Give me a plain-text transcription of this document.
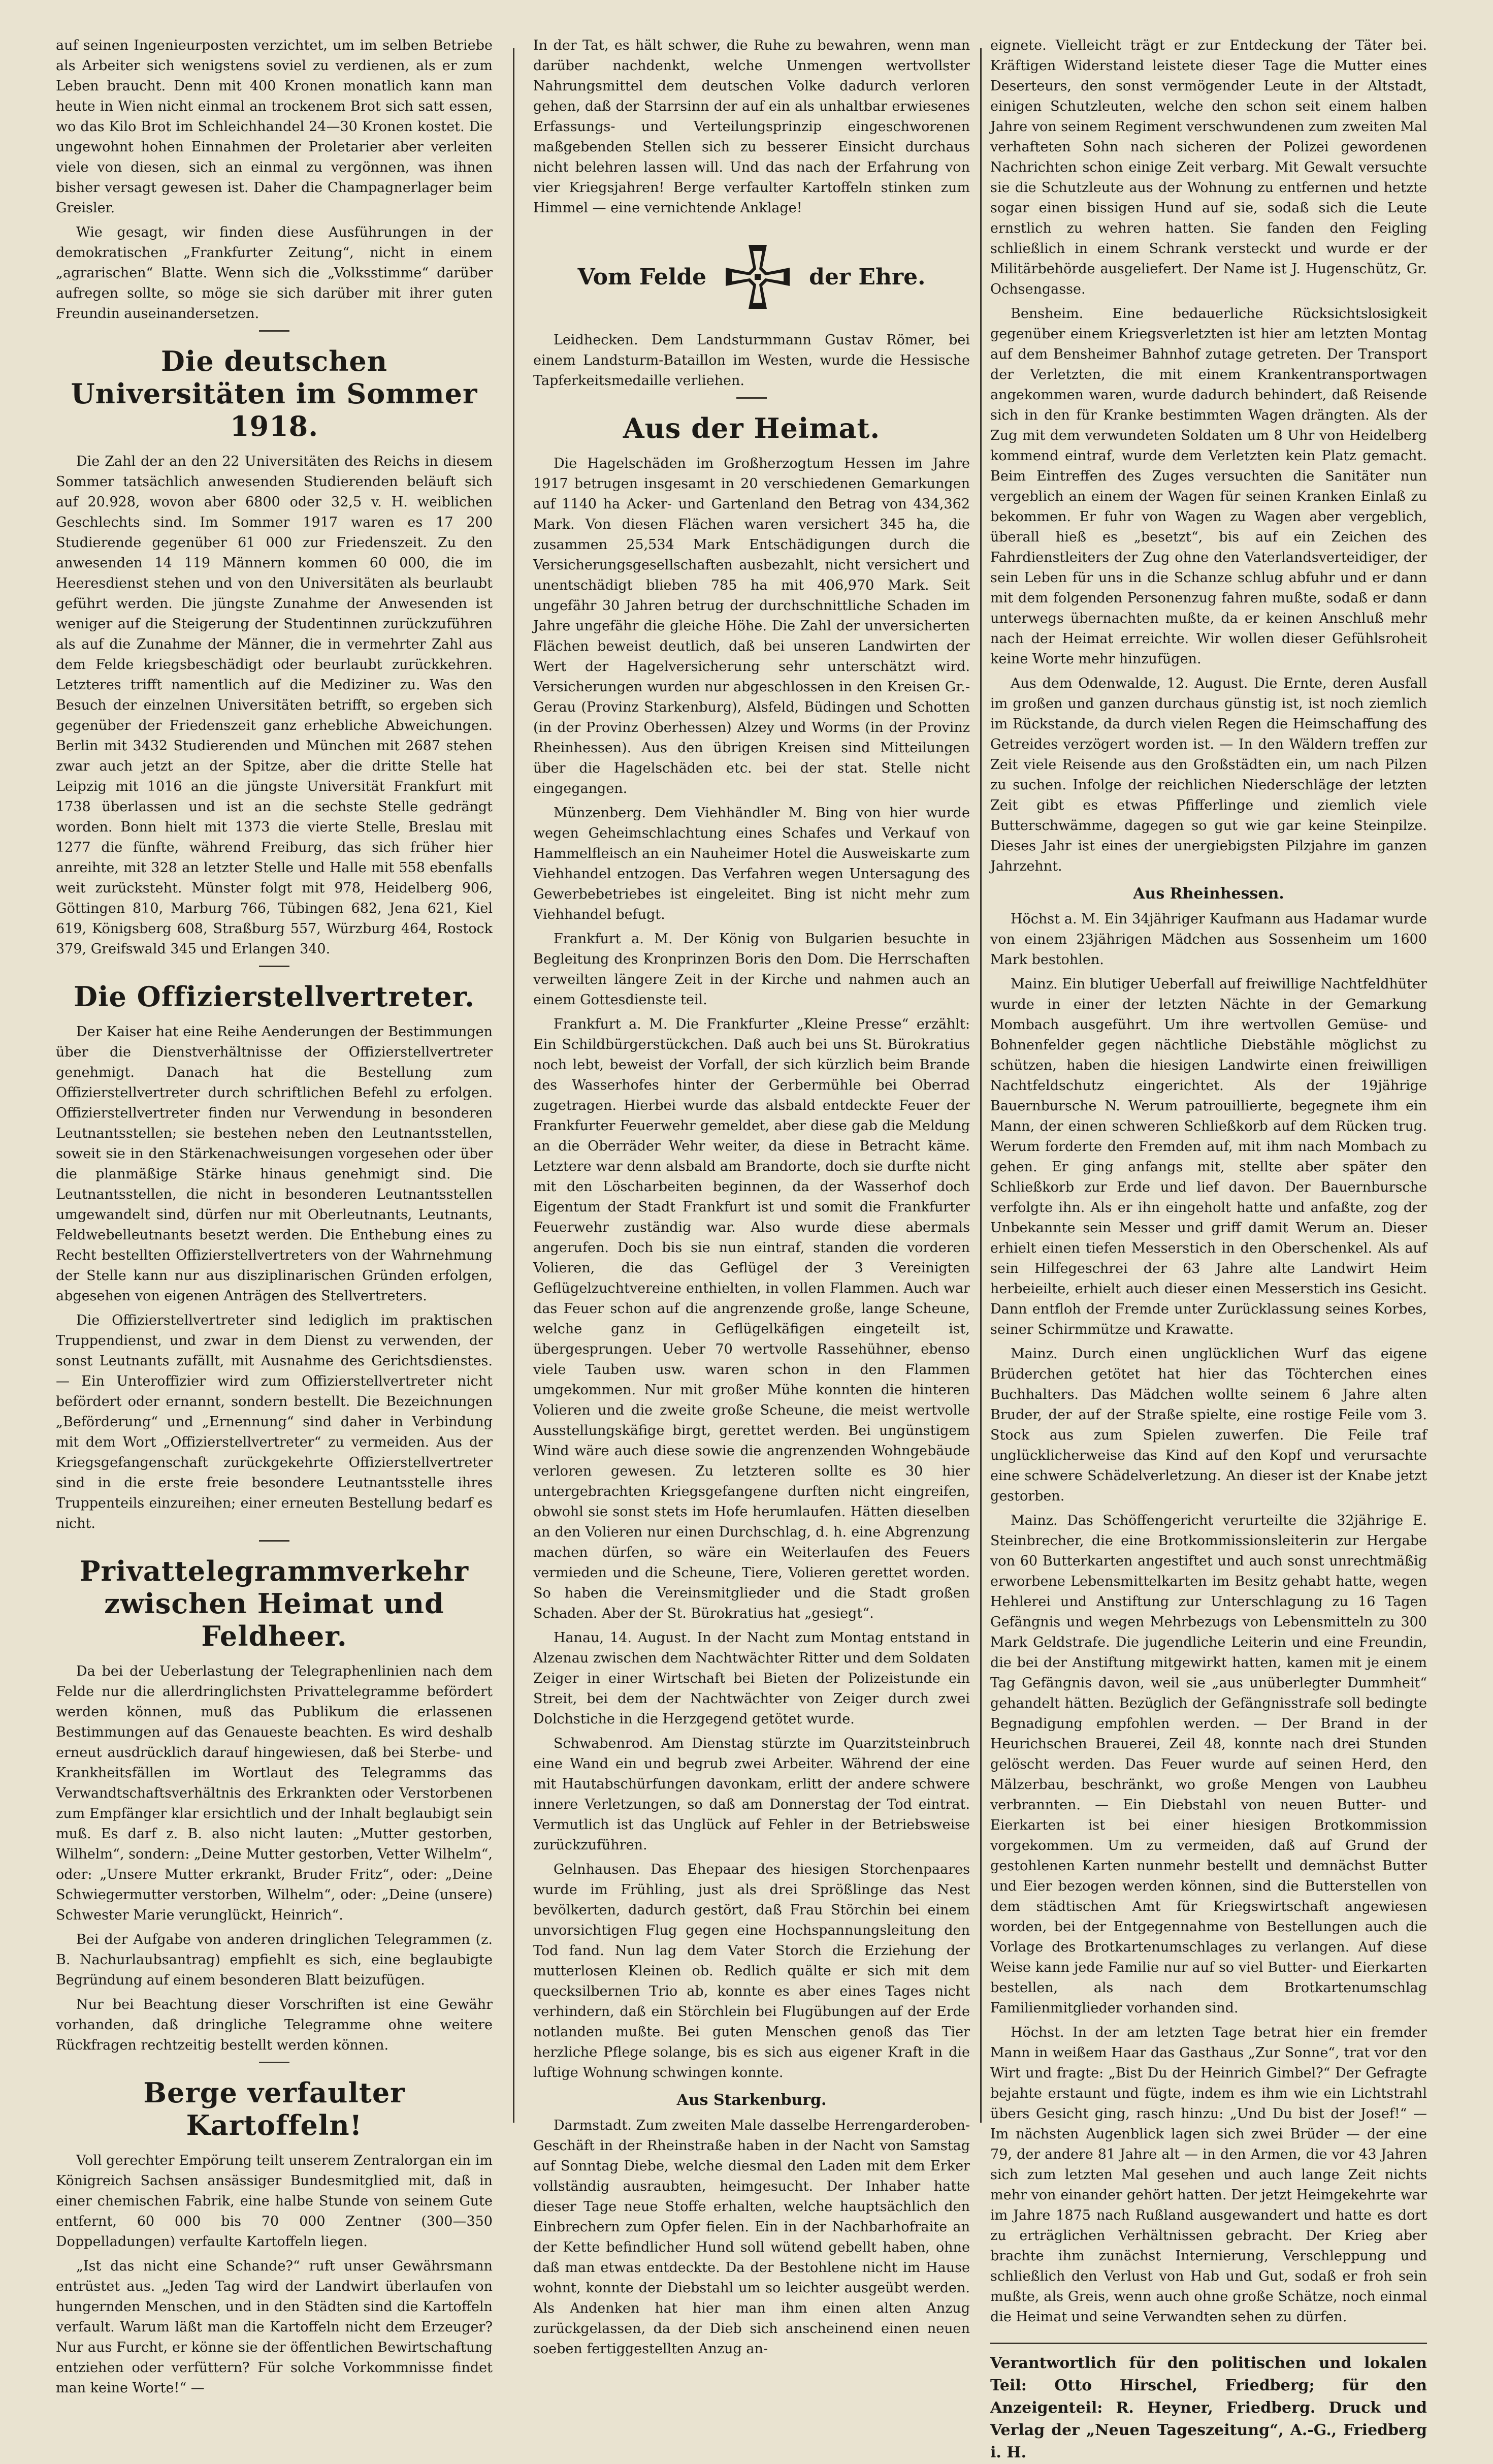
auf seinen Ingenieurposten verzichtet, um im selben Betriebe als Arbeiter sich wenigstens soviel zu verdienen, als er zum Leben braucht. Denn mit 400 Kronen monatlich kann man heute in Wien nicht einmal an trockenem Brot sich satt essen, wo das Kilo Brot im Schleichhandel 24—30 Kronen kostet. Die ungewohnt hohen Einnahmen der Proletarier aber verleiten viele von diesen, sich an einmal zu vergönnen, was ihnen bisher versagt gewesen ist. Daher die Champagnerlager beim Greisler.

Wie gesagt, wir finden diese Ausführungen in der demokratischen „Frankfurter Zeitung“, nicht in einem „agrarischen“ Blatte. Wenn sich die „Volksstimme“ darüber aufregen sollte, so möge sie sich darüber mit ihrer guten Freundin auseinandersetzen.

Die deutschen Universitäten im Sommer 1918.

Die Zahl der an den 22 Universitäten des Reichs in diesem Sommer tatsächlich anwesenden Studierenden beläuft sich auf 20.928, wovon aber 6800 oder 32,5 v. H. weiblichen Geschlechts sind. Im Sommer 1917 waren es 17 200 Studierende gegenüber 61 000 zur Friedenszeit. Zu den anwesenden 14 119 Männern kommen 60 000, die im Heeresdienst stehen und von den Universitäten als beurlaubt geführt werden. Die jüngste Zunahme der Anwesenden ist weniger auf die Steigerung der Studentinnen zurückzuführen als auf die Zunahme der Männer, die in vermehrter Zahl aus dem Felde kriegsbeschädigt oder beurlaubt zurückkehren. Letzteres trifft namentlich auf die Mediziner zu. Was den Besuch der einzelnen Universitäten betrifft, so ergeben sich gegenüber der Friedenszeit ganz erhebliche Abweichungen. Berlin mit 3432 Studierenden und München mit 2687 stehen zwar auch jetzt an der Spitze, aber die dritte Stelle hat Leipzig mit 1016 an die jüngste Universität Frankfurt mit 1738 überlassen und ist an die sechste Stelle gedrängt worden. Bonn hielt mit 1373 die vierte Stelle, Breslau mit 1277 die fünfte, während Freiburg, das sich früher hier anreihte, mit 328 an letzter Stelle und Halle mit 558 ebenfalls weit zurücksteht. Münster folgt mit 978, Heidelberg 906, Göttingen 810, Marburg 766, Tübingen 682, Jena 621, Kiel 619, Königsberg 608, Straßburg 557, Würzburg 464, Rostock 379, Greifswald 345 und Erlangen 340.

Die Offizierstellvertreter.

Der Kaiser hat eine Reihe Aenderungen der Bestimmungen über die Dienstverhältnisse der Offizierstellvertreter genehmigt. Danach hat die Bestellung zum Offizierstellvertreter durch schriftlichen Befehl zu erfolgen. Offizierstellvertreter finden nur Verwendung in besonderen Leutnantsstellen; sie bestehen neben den Leutnantsstellen, soweit sie in den Stärkenachweisungen vorgesehen oder über die planmäßige Stärke hinaus genehmigt sind. Die Leutnantsstellen, die nicht in besonderen Leutnantsstellen umgewandelt sind, dürfen nur mit Oberleutnants, Leutnants, Feldwebelleutnants besetzt werden. Die Enthebung eines zu Recht bestellten Offizierstellvertreters von der Wahrnehmung der Stelle kann nur aus disziplinarischen Gründen erfolgen, abgesehen von eigenen Anträgen des Stellvertreters.

Die Offizierstellvertreter sind lediglich im praktischen Truppendienst, und zwar in dem Dienst zu verwenden, der sonst Leutnants zufällt, mit Ausnahme des Gerichtsdienstes. — Ein Unteroffizier wird zum Offizierstellvertreter nicht befördert oder ernannt, sondern bestellt. Die Bezeichnungen „Beförderung“ und „Ernennung“ sind daher in Verbindung mit dem Wort „Offizierstellvertreter“ zu vermeiden. Aus der Kriegsgefangenschaft zurückgekehrte Offizierstellvertreter sind in die erste freie besondere Leutnantsstelle ihres Truppenteils einzureihen; einer erneuten Bestellung bedarf es nicht.

Privattelegrammverkehr zwischen Heimat und Feldheer.

Da bei der Ueberlastung der Telegraphenlinien nach dem Felde nur die allerdringlichsten Privattelegramme befördert werden können, muß das Publikum die erlassenen Bestimmungen auf das Genaueste beachten. Es wird deshalb erneut ausdrücklich darauf hingewiesen, daß bei Sterbe- und Krankheitsfällen im Wortlaut des Telegramms das Verwandtschaftsverhältnis des Erkrankten oder Verstorbenen zum Empfänger klar ersichtlich und der Inhalt beglaubigt sein muß. Es darf z. B. also nicht lauten: „Mutter gestorben, Wilhelm“, sondern: „Deine Mutter gestorben, Vetter Wilhelm“, oder: „Unsere Mutter erkrankt, Bruder Fritz“, oder: „Deine Schwiegermutter verstorben, Wilhelm“, oder: „Deine (unsere) Schwester Marie verunglückt, Heinrich“.

Bei der Aufgabe von anderen dringlichen Telegrammen (z. B. Nachurlaubsantrag) empfiehlt es sich, eine beglaubigte Begründung auf einem besonderen Blatt beizufügen.

Nur bei Beachtung dieser Vorschriften ist eine Gewähr vorhanden, daß dringliche Telegramme ohne weitere Rückfragen rechtzeitig bestellt werden können.

Berge verfaulter Kartoffeln!

Voll gerechter Empörung teilt unserem Zentralorgan ein im Königreich Sachsen ansässiger Bundesmitglied mit, daß in einer chemischen Fabrik, eine halbe Stunde von seinem Gute entfernt, 60 000 bis 70 000 Zentner (300—350 Doppelladungen) verfaulte Kartoffeln liegen.

„Ist das nicht eine Schande?“ ruft unser Gewährsmann entrüstet aus. „Jeden Tag wird der Landwirt überlaufen von hungernden Menschen, und in den Städten sind die Kartoffeln verfault. Warum läßt man die Kartoffeln nicht dem Erzeuger? Nur aus Furcht, er könne sie der öffentlichen Bewirtschaftung entziehen oder verfüttern? Für solche Vorkommnisse findet man keine Worte!“ —

In der Tat, es hält schwer, die Ruhe zu bewahren, wenn man darüber nachdenkt, welche Unmengen wertvollster Nahrungsmittel dem deutschen Volke dadurch verloren gehen, daß der Starrsinn der auf ein als unhaltbar erwiesenes Erfassungs- und Verteilungsprinzip eingeschworenen maßgebenden Stellen sich zu besserer Einsicht durchaus nicht belehren lassen will. Und das nach der Erfahrung von vier Kriegsjahren! Berge verfaulter Kartoffeln stinken zum Himmel — eine vernichtende Anklage!

Vom Felde	der Ehre.

Leidhecken. Dem Landsturmmann Gustav Römer, bei einem Landsturm-Bataillon im Westen, wurde die Hessische Tapferkeitsmedaille verliehen.

Aus der Heimat.

Die Hagelschäden im Großherzogtum Hessen im Jahre 1917 betrugen insgesamt in 20 verschiedenen Gemarkungen auf 1140 ha Acker- und Gartenland den Betrag von 434,362 Mark. Von diesen Flächen waren versichert 345 ha, die zusammen 25,534 Mark Entschädigungen durch die Versicherungsgesellschaften ausbezahlt, nicht versichert und unentschädigt blieben 785 ha mit 406,970 Mark. Seit ungefähr 30 Jahren betrug der durchschnittliche Schaden im Jahre ungefähr die gleiche Höhe. Die Zahl der unversicherten Flächen beweist deutlich, daß bei unseren Landwirten der Wert der Hagelversicherung sehr unterschätzt wird. Versicherungen wurden nur abgeschlossen in den Kreisen Gr.-Gerau (Provinz Starkenburg), Alsfeld, Büdingen und Schotten (in der Provinz Oberhessen) Alzey und Worms (in der Provinz Rheinhessen). Aus den übrigen Kreisen sind Mitteilungen über die Hagelschäden etc. bei der stat. Stelle nicht eingegangen.

Münzenberg. Dem Viehhändler M. Bing von hier wurde wegen Geheimschlachtung eines Schafes und Verkauf von Hammelfleisch an ein Nauheimer Hotel die Ausweiskarte zum Viehhandel entzogen. Das Verfahren wegen Untersagung des Gewerbebetriebes ist eingeleitet. Bing ist nicht mehr zum Viehhandel befugt.

Frankfurt a. M. Der König von Bulgarien besuchte in Begleitung des Kronprinzen Boris den Dom. Die Herrschaften verweilten längere Zeit in der Kirche und nahmen auch an einem Gottesdienste teil.

Frankfurt a. M. Die Frankfurter „Kleine Presse“ erzählt: Ein Schildbürgerstückchen. Daß auch bei uns St. Bürokratius noch lebt, beweist der Vorfall, der sich kürzlich beim Brande des Wasserhofes hinter der Gerbermühle bei Oberrad zugetragen. Hierbei wurde das alsbald entdeckte Feuer der Frankfurter Feuerwehr gemeldet, aber diese gab die Meldung an die Oberräder Wehr weiter, da diese in Betracht käme. Letztere war denn alsbald am Brandorte, doch sie durfte nicht mit den Löscharbeiten beginnen, da der Wasserhof doch Eigentum der Stadt Frankfurt ist und somit die Frankfurter Feuerwehr zuständig war. Also wurde diese abermals angerufen. Doch bis sie nun eintraf, standen die vorderen Volieren, die das Geflügel der 3 Vereinigten Geflügelzuchtvereine enthielten, in vollen Flammen. Auch war das Feuer schon auf die angrenzende große, lange Scheune, welche ganz in Geflügelkäfigen eingeteilt ist, übergesprungen. Ueber 70 wertvolle Rassehühner, ebenso viele Tauben usw. waren schon in den Flammen umgekommen. Nur mit großer Mühe konnten die hinteren Volieren und die zweite große Scheune, die meist wertvolle Ausstellungskäfige birgt, gerettet werden. Bei ungünstigem Wind wäre auch diese sowie die angrenzenden Wohngebäude verloren gewesen. Zu letzteren sollte es 30 hier untergebrachten Kriegsgefangene durften nicht eingreifen, obwohl sie sonst stets im Hofe herumlaufen. Hätten dieselben an den Volieren nur einen Durchschlag, d. h. eine Abgrenzung machen dürfen, so wäre ein Weiterlaufen des Feuers vermieden und die Scheune, Tiere, Volieren gerettet worden. So haben die Vereinsmitglieder und die Stadt großen Schaden. Aber der St. Bürokratius hat „gesiegt“.

Hanau, 14. August. In der Nacht zum Montag entstand in Alzenau zwischen dem Nachtwächter Ritter und dem Soldaten Zeiger in einer Wirtschaft bei Bieten der Polizeistunde ein Streit, bei dem der Nachtwächter von Zeiger durch zwei Dolchstiche in die Herzgegend getötet wurde.

Schwabenrod. Am Dienstag stürzte im Quarzitsteinbruch eine Wand ein und begrub zwei Arbeiter. Während der eine mit Hautabschürfungen davonkam, erlitt der andere schwere innere Verletzungen, so daß am Donnerstag der Tod eintrat. Vermutlich ist das Unglück auf Fehler in der Betriebsweise zurückzuführen.

Gelnhausen. Das Ehepaar des hiesigen Storchenpaares wurde im Frühling, just als drei Sprößlinge das Nest bevölkerten, dadurch gestört, daß Frau Störchin bei einem unvorsichtigen Flug gegen eine Hochspannungsleitung den Tod fand. Nun lag dem Vater Storch die Erziehung der mutterlosen Kleinen ob. Redlich quälte er sich mit dem quecksilbernen Trio ab, konnte es aber eines Tages nicht verhindern, daß ein Störchlein bei Flugübungen auf der Erde notlanden mußte. Bei guten Menschen genoß das Tier herzliche Pflege solange, bis es sich aus eigener Kraft in die luftige Wohnung schwingen konnte.

Aus Starkenburg.

Darmstadt. Zum zweiten Male dasselbe Herrengarderoben-Geschäft in der Rheinstraße haben in der Nacht von Samstag auf Sonntag Diebe, welche diesmal den Laden mit dem Erker vollständig ausraubten, heimgesucht. Der Inhaber hatte dieser Tage neue Stoffe erhalten, welche hauptsächlich den Einbrechern zum Opfer fielen. Ein in der Nachbarhofraite an der Kette befindlicher Hund soll wütend gebellt haben, ohne daß man etwas entdeckte. Da der Bestohlene nicht im Hause wohnt, konnte der Diebstahl um so leichter ausgeübt werden. Als Andenken hat hier man ihm einen alten Anzug zurückgelassen, da der Dieb sich anscheinend einen neuen soeben fertiggestellten Anzug an-

eignete. Vielleicht trägt er zur Entdeckung der Täter bei. Kräftigen Widerstand leistete dieser Tage die Mutter eines Deserteurs, den sonst vermögender Leute in der Altstadt, einigen Schutzleuten, welche den schon seit einem halben Jahre von seinem Regiment verschwundenen zum zweiten Mal verhafteten Sohn nach sicheren der Polizei gewordenen Nachrichten schon einige Zeit verbarg. Mit Gewalt versuchte sie die Schutzleute aus der Wohnung zu entfernen und hetzte sogar einen bissigen Hund auf sie, sodaß sich die Leute ernstlich zu wehren hatten. Sie fanden den Feigling schließlich in einem Schrank versteckt und wurde er der Militärbehörde ausgeliefert. Der Name ist J. Hugenschütz, Gr. Ochsengasse.

Bensheim. Eine bedauerliche Rücksichtslosigkeit gegenüber einem Kriegsverletzten ist hier am letzten Montag auf dem Bensheimer Bahnhof zutage getreten. Der Transport der Verletzten, die mit einem Krankentransportwagen angekommen waren, wurde dadurch behindert, daß Reisende sich in den für Kranke bestimmten Wagen drängten. Als der Zug mit dem verwundeten Soldaten um 8 Uhr von Heidelberg kommend eintraf, wurde dem Verletzten kein Platz gemacht. Beim Eintreffen des Zuges versuchten die Sanitäter nun vergeblich an einem der Wagen für seinen Kranken Einlaß zu bekommen. Er fuhr von Wagen zu Wagen aber vergeblich, überall hieß es „besetzt“, bis auf ein Zeichen des Fahrdienstleiters der Zug ohne den Vaterlandsverteidiger, der sein Leben für uns in die Schanze schlug abfuhr und er dann mit dem folgenden Personenzug fahren mußte, sodaß er dann unterwegs übernachten mußte, da er keinen Anschluß mehr nach der Heimat erreichte. Wir wollen dieser Gefühlsroheit keine Worte mehr hinzufügen.

Aus dem Odenwalde, 12. August. Die Ernte, deren Ausfall im großen und ganzen durchaus günstig ist, ist noch ziemlich im Rückstande, da durch vielen Regen die Heimschaffung des Getreides verzögert worden ist. — In den Wäldern treffen zur Zeit viele Reisende aus den Großstädten ein, um nach Pilzen zu suchen. Infolge der reichlichen Niederschläge der letzten Zeit gibt es etwas Pfifferlinge und ziemlich viele Butterschwämme, dagegen so gut wie gar keine Steinpilze. Dieses Jahr ist eines der unergiebigsten Pilzjahre im ganzen Jahrzehnt.

Aus Rheinhessen.

Höchst a. M. Ein 34jähriger Kaufmann aus Hadamar wurde von einem 23jährigen Mädchen aus Sossenheim um 1600 Mark bestohlen.

Mainz. Ein blutiger Ueberfall auf freiwillige Nachtfeldhüter wurde in einer der letzten Nächte in der Gemarkung Mombach ausgeführt. Um ihre wertvollen Gemüse- und Bohnenfelder gegen nächtliche Diebstähle möglichst zu schützen, haben die hiesigen Landwirte einen freiwilligen Nachtfeldschutz eingerichtet. Als der 19jährige Bauernbursche N. Werum patrouillierte, begegnete ihm ein Mann, der einen schweren Schließkorb auf dem Rücken trug. Werum forderte den Fremden auf, mit ihm nach Mombach zu gehen. Er ging anfangs mit, stellte aber später den Schließkorb zur Erde und lief davon. Der Bauernbursche verfolgte ihn. Als er ihn eingeholt hatte und anfaßte, zog der Unbekannte sein Messer und griff damit Werum an. Dieser erhielt einen tiefen Messerstich in den Oberschenkel. Als auf sein Hilfegeschrei der 63 Jahre alte Landwirt Heim herbeieilte, erhielt auch dieser einen Messerstich ins Gesicht. Dann entfloh der Fremde unter Zurücklassung seines Korbes, seiner Schirmmütze und Krawatte.

Mainz. Durch einen unglücklichen Wurf das eigene Brüderchen getötet hat hier das Töchterchen eines Buchhalters. Das Mädchen wollte seinem 6 Jahre alten Bruder, der auf der Straße spielte, eine rostige Feile vom 3. Stock aus zum Spielen zuwerfen. Die Feile traf unglücklicherweise das Kind auf den Kopf und verursachte eine schwere Schädelverletzung. An dieser ist der Knabe jetzt gestorben.

Mainz. Das Schöffengericht verurteilte die 32jährige E. Steinbrecher, die eine Brotkommissionsleiterin zur Hergabe von 60 Butterkarten angestiftet und auch sonst unrechtmäßig erworbene Lebensmittelkarten im Besitz gehabt hatte, wegen Hehlerei und Anstiftung zur Unterschlagung zu 16 Tagen Gefängnis und wegen Mehrbezugs von Lebensmitteln zu 300 Mark Geldstrafe. Die jugendliche Leiterin und eine Freundin, die bei der Anstiftung mitgewirkt hatten, kamen mit je einem Tag Gefängnis davon, weil sie „aus unüberlegter Dummheit“ gehandelt hätten. Bezüglich der Gefängnisstrafe soll bedingte Begnadigung empfohlen werden. — Der Brand in der Heurichschen Brauerei, Zeil 48, konnte nach drei Stunden gelöscht werden. Das Feuer wurde auf seinen Herd, den Mälzerbau, beschränkt, wo große Mengen von Laubheu verbrannten. — Ein Diebstahl von neuen Butter- und Eierkarten ist bei einer hiesigen Brotkommission vorgekommen. Um zu vermeiden, daß auf Grund der gestohlenen Karten nunmehr bestellt und demnächst Butter und Eier bezogen werden können, sind die Butterstellen von dem städtischen Amt für Kriegswirtschaft angewiesen worden, bei der Entgegennahme von Bestellungen auch die Vorlage des Brotkartenumschlages zu verlangen. Auf diese Weise kann jede Familie nur auf so viel Butter- und Eierkarten bestellen, als nach dem Brotkartenumschlag Familienmitglieder vorhanden sind.

Höchst. In der am letzten Tage betrat hier ein fremder Mann in weißem Haar das Gasthaus „Zur Sonne“, trat vor den Wirt und fragte: „Bist Du der Heinrich Gimbel?“ Der Gefragte bejahte erstaunt und fügte, indem es ihm wie ein Lichtstrahl übers Gesicht ging, rasch hinzu: „Und Du bist der Josef!“ — Im nächsten Augenblick lagen sich zwei Brüder — der eine 79, der andere 81 Jahre alt — in den Armen, die vor 43 Jahren sich zum letzten Mal gesehen und auch lange Zeit nichts mehr von einander gehört hatten. Der jetzt Heimgekehrte war im Jahre 1875 nach Rußland ausgewandert und hatte es dort zu erträglichen Verhältnissen gebracht. Der Krieg aber brachte ihm zunächst Internierung, Verschleppung und schließlich den Verlust von Hab und Gut, sodaß er froh sein mußte, als Greis, wenn auch ohne große Schätze, noch einmal die Heimat und seine Verwandten sehen zu dürfen.

Verantwortlich für den politischen und lokalen Teil: Otto Hirschel, Friedberg; für den Anzeigenteil: R. Heyner, Friedberg. Druck und Verlag der „Neuen Tageszeitung“, A.-G., Friedberg i. H.
